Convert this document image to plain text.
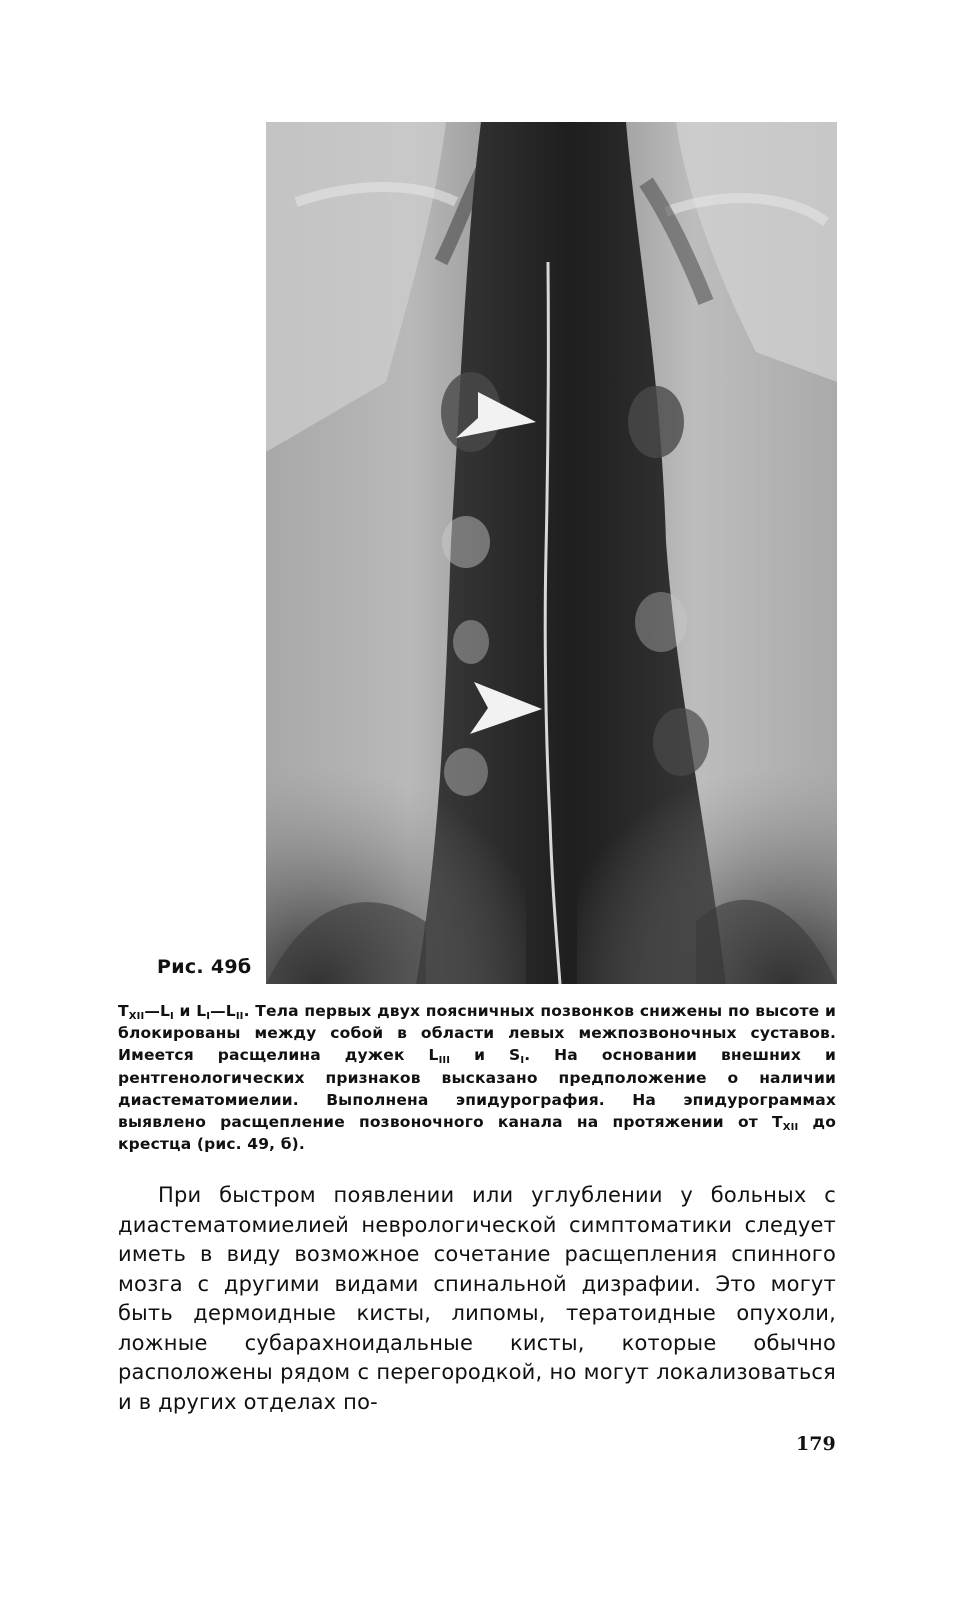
Рис. 49б

$T_{XII}—L_I$ и $L_I—L_{II}$. Тела первых двух поясничных позвонков снижены по высоте и блокированы между собой в области левых межпозвоночных суставов. Имеется расщелина дужек $L_{III}$ и $S_I$. На основании внешних и рентгенологических признаков высказано предположение о наличии диастематомиелии. Выполнена эпидурография. На эпидурограммах выявлено расщепление позвоночного канала на протяжении от $T_{XII}$ до крестца (рис. 49, б).

При быстром появлении или углублении у больных с диастематомиелией неврологической симптоматики следует иметь в виду возможное сочетание расщепления спинного мозга с другими видами спинальной дизрафии. Это могут быть дермоидные кисты, липомы, тератоидные опухоли, ложные субарахноидальные кисты, которые обычно расположены рядом с перегородкой, но могут локализоваться и в других отделах по-

179
